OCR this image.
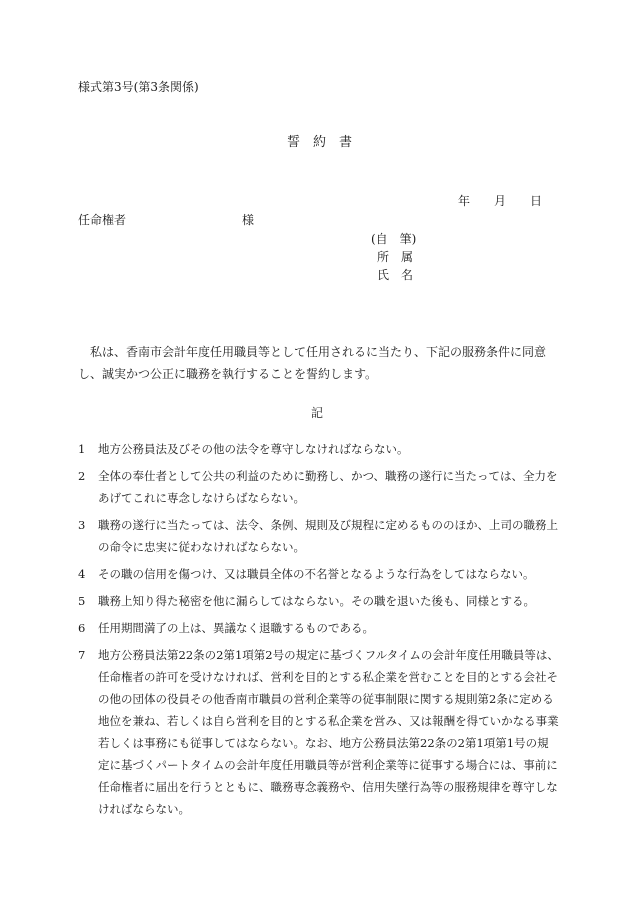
様式第3号(第3条関係)
誓　約　書
年　　月　　日
任命権者	様
(自　筆)
所　属
氏　名

私は、香南市会計年度任用職員等として任用されるに当たり、下記の服務条件に同意し、誠実かつ公正に職務を執行することを誓約します。

記
1	地方公務員法及びその他の法令を尊守しなければならない。
2	全体の奉仕者として公共の利益のために勤務し、かつ、職務の遂行に当たっては、全力をあげてこれに専念しなけらばならない。
3	職務の遂行に当たっては、法令、条例、規則及び規程に定めるもののほか、上司の職務上の命令に忠実に従わなければならない。
4	その職の信用を傷つけ、又は職員全体の不名誉となるような行為をしてはならない。
5	職務上知り得た秘密を他に漏らしてはならない。その職を退いた後も、同様とする。
6	任用期間満了の上は、異議なく退職するものである。
7	地方公務員法第22条の2第1項第2号の規定に基づくフルタイムの会計年度任用職員等は、任命権者の許可を受けなければ、営利を目的とする私企業を営むことを目的とする会社その他の団体の役員その他香南市職員の営利企業等の従事制限に関する規則第2条に定める地位を兼ね、若しくは自ら営利を目的とする私企業を営み、又は報酬を得ていかなる事業若しくは事務にも従事してはならない。なお、地方公務員法第22条の2第1項第1号の規定に基づくパートタイムの会計年度任用職員等が営利企業等に従事する場合には、事前に任命権者に届出を行うとともに、職務専念義務や、信用失墜行為等の服務規律を尊守しなければならない。
